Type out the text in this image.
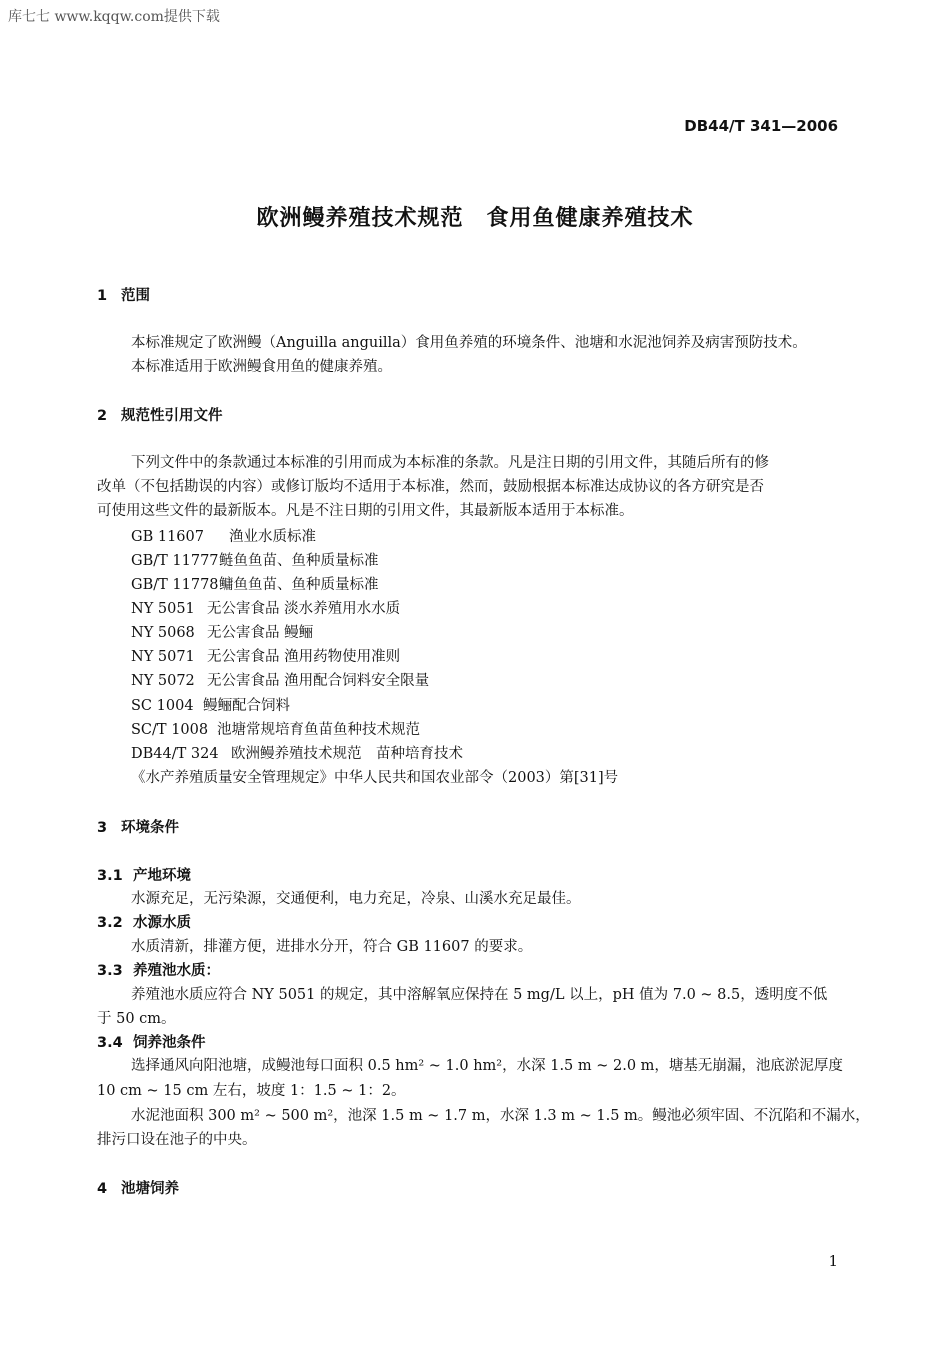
库七七 www.kqqw.com提供下载
DB44/T 341—2006
欧洲鳗养殖技术规范　食用鱼健康养殖技术
1 范围
本标准规定了欧洲鳗（Anguilla anguilla）食用鱼养殖的环境条件、池塘和水泥池饲养及病害预防技术。
本标准适用于欧洲鳗食用鱼的健康养殖。
2 规范性引用文件
下列文件中的条款通过本标准的引用而成为本标准的条款。凡是注日期的引用文件，其随后所有的修
改单（不包括勘误的内容）或修订版均不适用于本标准，然而，鼓励根据本标准达成协议的各方研究是否
可使用这些文件的最新版本。凡是不注日期的引用文件，其最新版本适用于本标准。
GB 11607 渔业水质标准
GB/T 11777鲢鱼鱼苗、鱼种质量标准
GB/T 11778鳙鱼鱼苗、鱼种质量标准
NY 5051 无公害食品 淡水养殖用水水质
NY 5068 无公害食品 鳗鲡
NY 5071 无公害食品 渔用药物使用准则
NY 5072 无公害食品 渔用配合饲料安全限量
SC 1004 鳗鲡配合饲料
SC/T 1008 池塘常规培育鱼苗鱼种技术规范
DB44/T 324 欧洲鳗养殖技术规范　苗种培育技术
《水产养殖质量安全管理规定》中华人民共和国农业部令（2003）第[31]号
3 环境条件
3.1 产地环境
水源充足，无污染源，交通便利，电力充足，冷泉、山溪水充足最佳。
3.2 水源水质
水质清新，排灌方便，进排水分开，符合 GB 11607 的要求。
3.3 养殖池水质：
养殖池水质应符合 NY 5051 的规定，其中溶解氧应保持在 5 mg/L 以上，pH 值为 7.0 ~ 8.5，透明度不低
于 50 cm。
3.4 饲养池条件
选择通风向阳池塘，成鳗池每口面积 0.5 hm² ~ 1.0 hm²，水深 1.5 m ~ 2.0 m，塘基无崩漏，池底淤泥厚度
10 cm ~ 15 cm 左右，坡度 1：1.5 ~ 1：2。
水泥池面积 300 m² ~ 500 m²，池深 1.5 m ~ 1.7 m，水深 1.3 m ~ 1.5 m。鳗池必须牢固、不沉陷和不漏水，
排污口设在池子的中央。
4 池塘饲养
1
